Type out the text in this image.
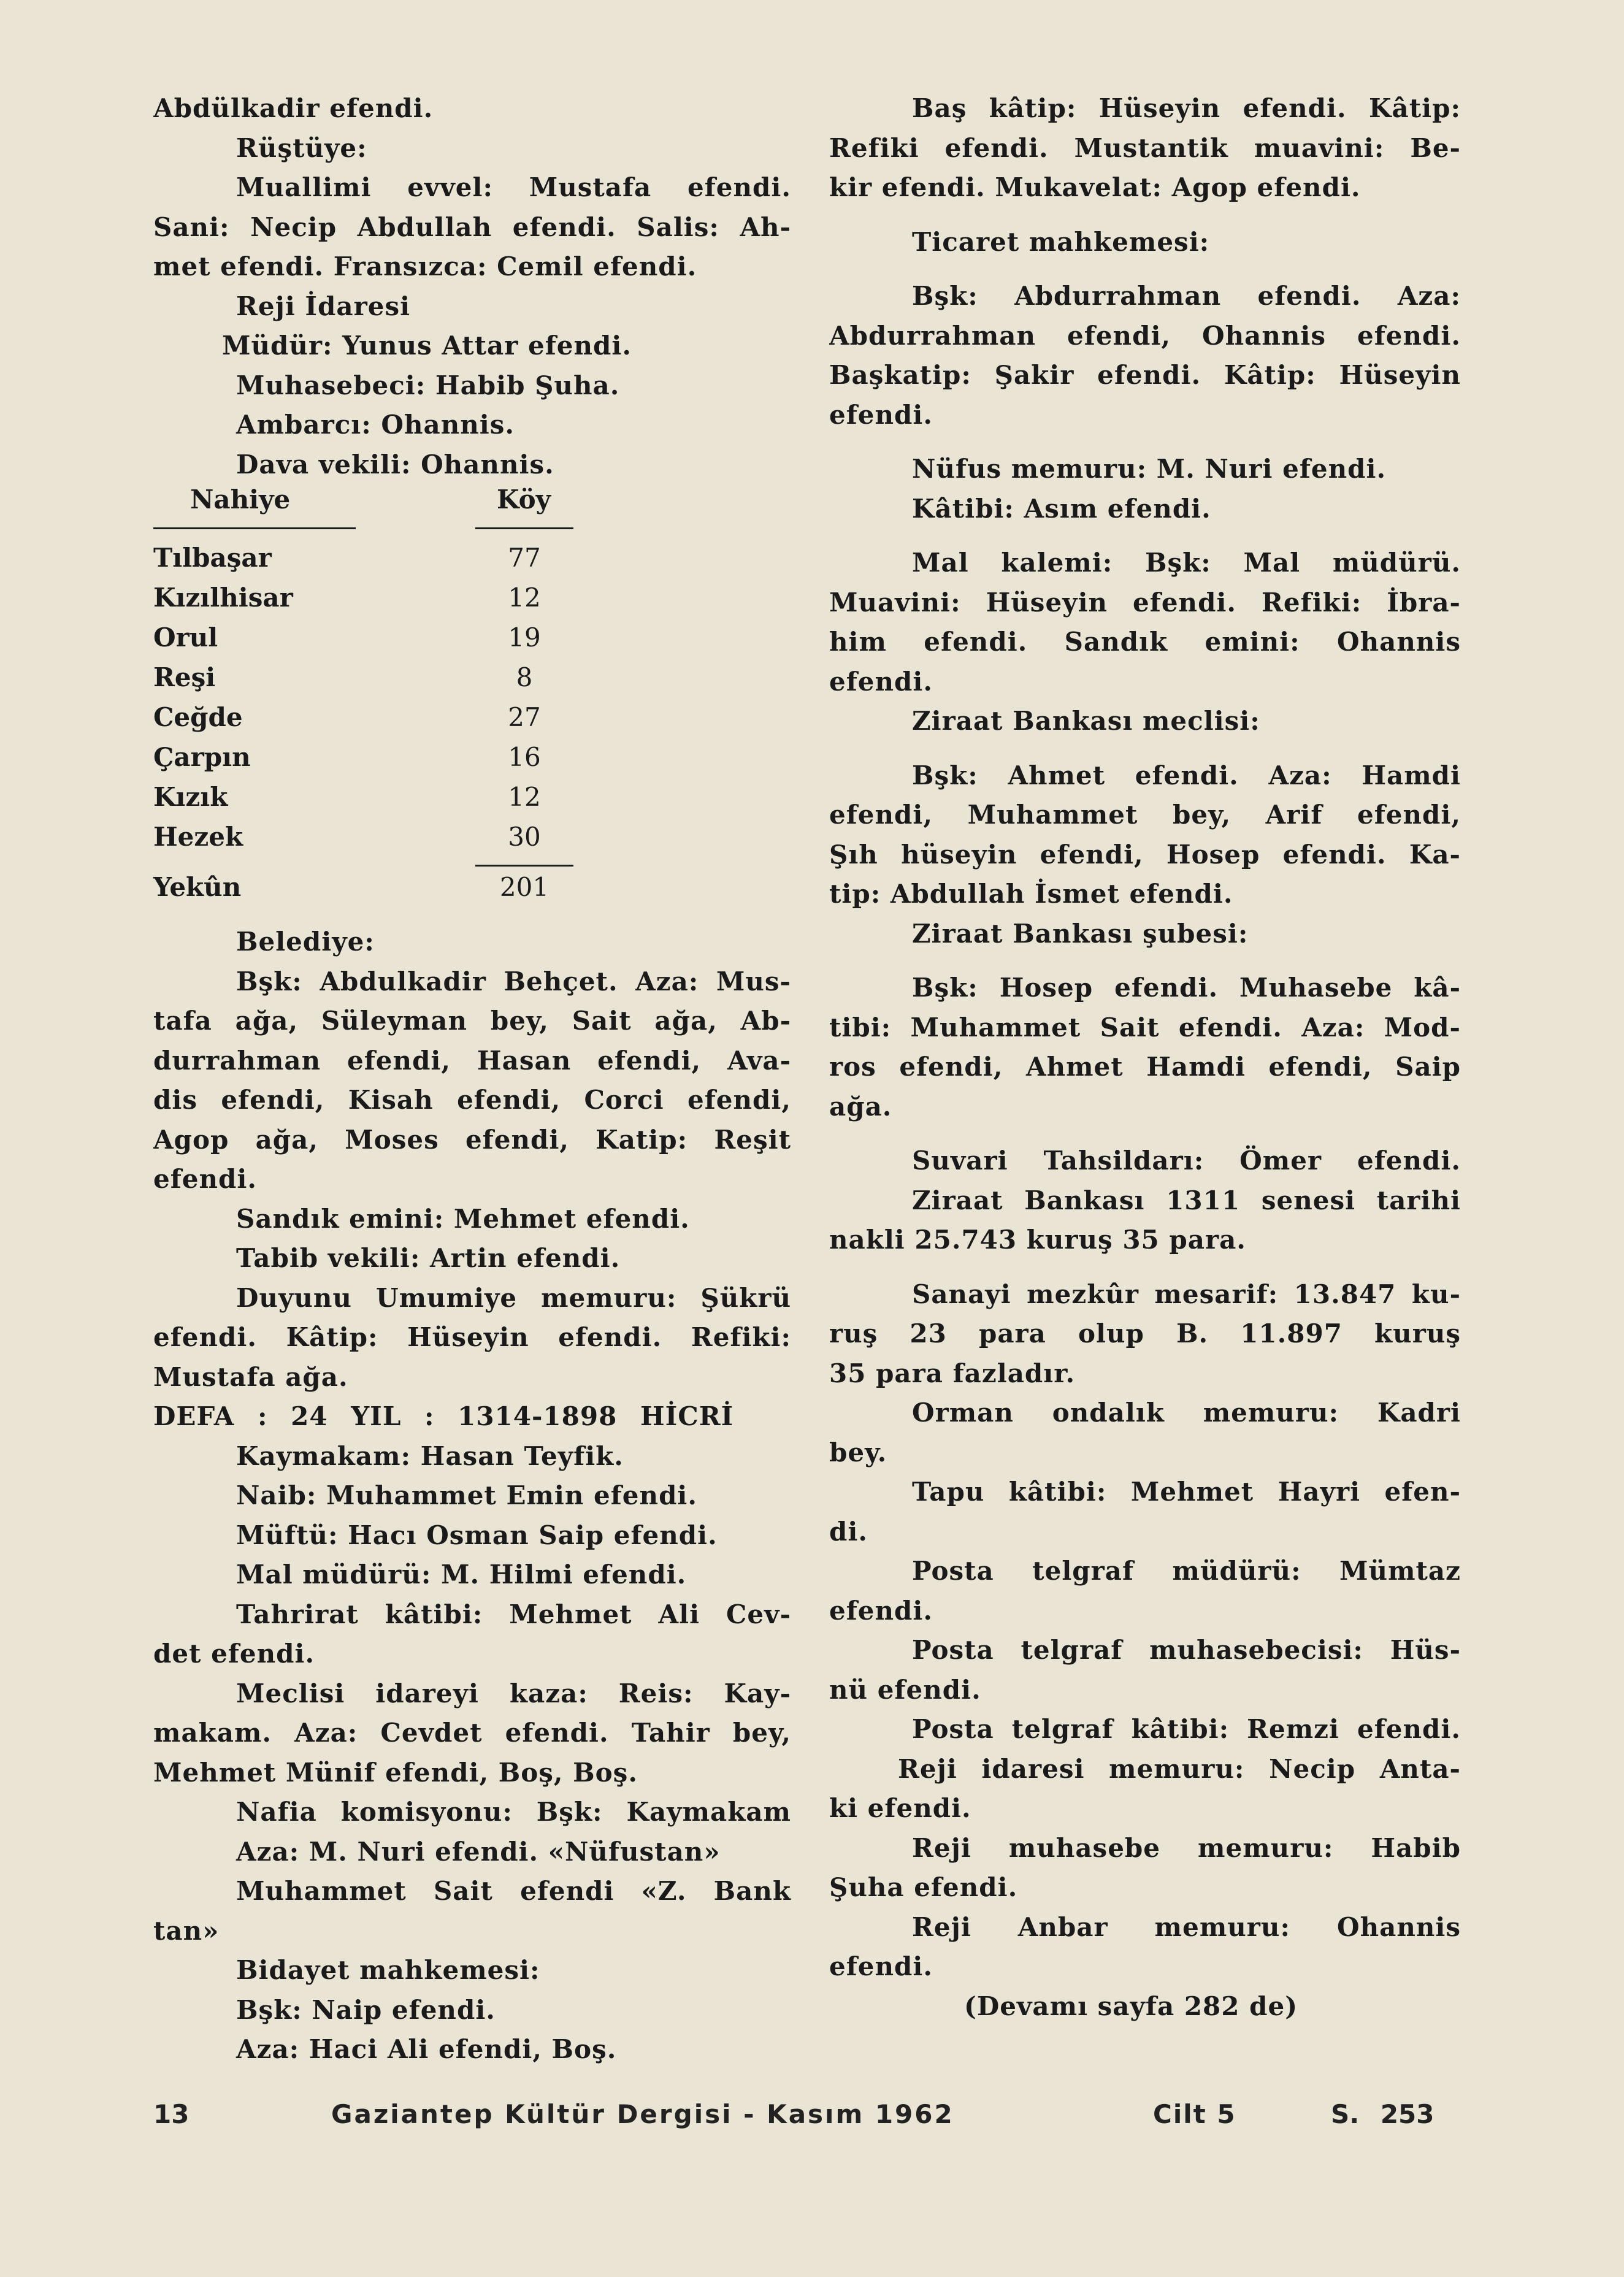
Abdülkadir efendi.
Rüştüye:
Muallimi evvel: Mustafa efendi.
Sani: Necip Abdullah efendi. Salis: Ah-
met efendi. Fransızca: Cemil efendi.
Reji İdaresi
Müdür: Yunus Attar efendi.
Muhasebeci: Habib Şuha.
Ambarcı: Ohannis.
Dava vekili: Ohannis.
Nahiye	Köy
Tılbaşar	77
Kızılhisar	12
Orul	19
Reşi	8
Ceğde	27
Çarpın	16
Kızık	12
Hezek	30
Yekûn	201
Belediye:
Bşk: Abdulkadir Behçet. Aza: Mus-
tafa ağa, Süleyman bey, Sait ağa, Ab-
durrahman efendi, Hasan efendi, Ava-
dis efendi, Kisah efendi, Corci efendi,
Agop ağa, Moses efendi, Katip: Reşit
efendi.
Sandık emini: Mehmet efendi.
Tabib vekili: Artin efendi.
Duyunu Umumiye memuru: Şükrü
efendi. Kâtip: Hüseyin efendi. Refiki:
Mustafa ağa.
DEFA : 24 YIL : 1314-1898 HİCRİ
Kaymakam: Hasan Teyfik.
Naib: Muhammet Emin efendi.
Müftü: Hacı Osman Saip efendi.
Mal müdürü: M. Hilmi efendi.
Tahrirat kâtibi: Mehmet Ali Cev-
det efendi.
Meclisi idareyi kaza: Reis: Kay-
makam. Aza: Cevdet efendi. Tahir bey,
Mehmet Münif efendi, Boş, Boş.
Nafia komisyonu: Bşk: Kaymakam
Aza: M. Nuri efendi. «Nüfustan»
Muhammet Sait efendi «Z. Bank
tan»
Bidayet mahkemesi:
Bşk: Naip efendi.
Aza: Haci Ali efendi, Boş.
Baş kâtip: Hüseyin efendi. Kâtip:
Refiki efendi. Mustantik muavini: Be-
kir efendi. Mukavelat: Agop efendi.
Ticaret mahkemesi:
Bşk: Abdurrahman efendi. Aza:
Abdurrahman efendi, Ohannis efendi.
Başkatip: Şakir efendi. Kâtip: Hüseyin
efendi.
Nüfus memuru: M. Nuri efendi.
Kâtibi: Asım efendi.
Mal kalemi: Bşk: Mal müdürü.
Muavini: Hüseyin efendi. Refiki: İbra-
him efendi. Sandık emini: Ohannis
efendi.
Ziraat Bankası meclisi:
Bşk: Ahmet efendi. Aza: Hamdi
efendi, Muhammet bey, Arif efendi,
Şıh hüseyin efendi, Hosep efendi. Ka-
tip: Abdullah İsmet efendi.
Ziraat Bankası şubesi:
Bşk: Hosep efendi. Muhasebe kâ-
tibi: Muhammet Sait efendi. Aza: Mod-
ros efendi, Ahmet Hamdi efendi, Saip
ağa.
Suvari Tahsildarı: Ömer efendi.
Ziraat Bankası 1311 senesi tarihi
nakli 25.743 kuruş 35 para.
Sanayi mezkûr mesarif: 13.847 ku-
ruş 23 para olup B. 11.897 kuruş
35 para fazladır.
Orman ondalık memuru: Kadri
bey.
Tapu kâtibi: Mehmet Hayri efen-
di.
Posta telgraf müdürü: Mümtaz
efendi.
Posta telgraf muhasebecisi: Hüs-
nü efendi.
Posta telgraf kâtibi: Remzi efendi.
Reji idaresi memuru: Necip Anta-
ki efendi.
Reji muhasebe memuru: Habib
Şuha efendi.
Reji Anbar memuru: Ohannis
efendi.
(Devamı sayfa 282 de)
13	Gaziantep Kültür Dergisi - Kasım 1962	Cilt 5	S. 253
